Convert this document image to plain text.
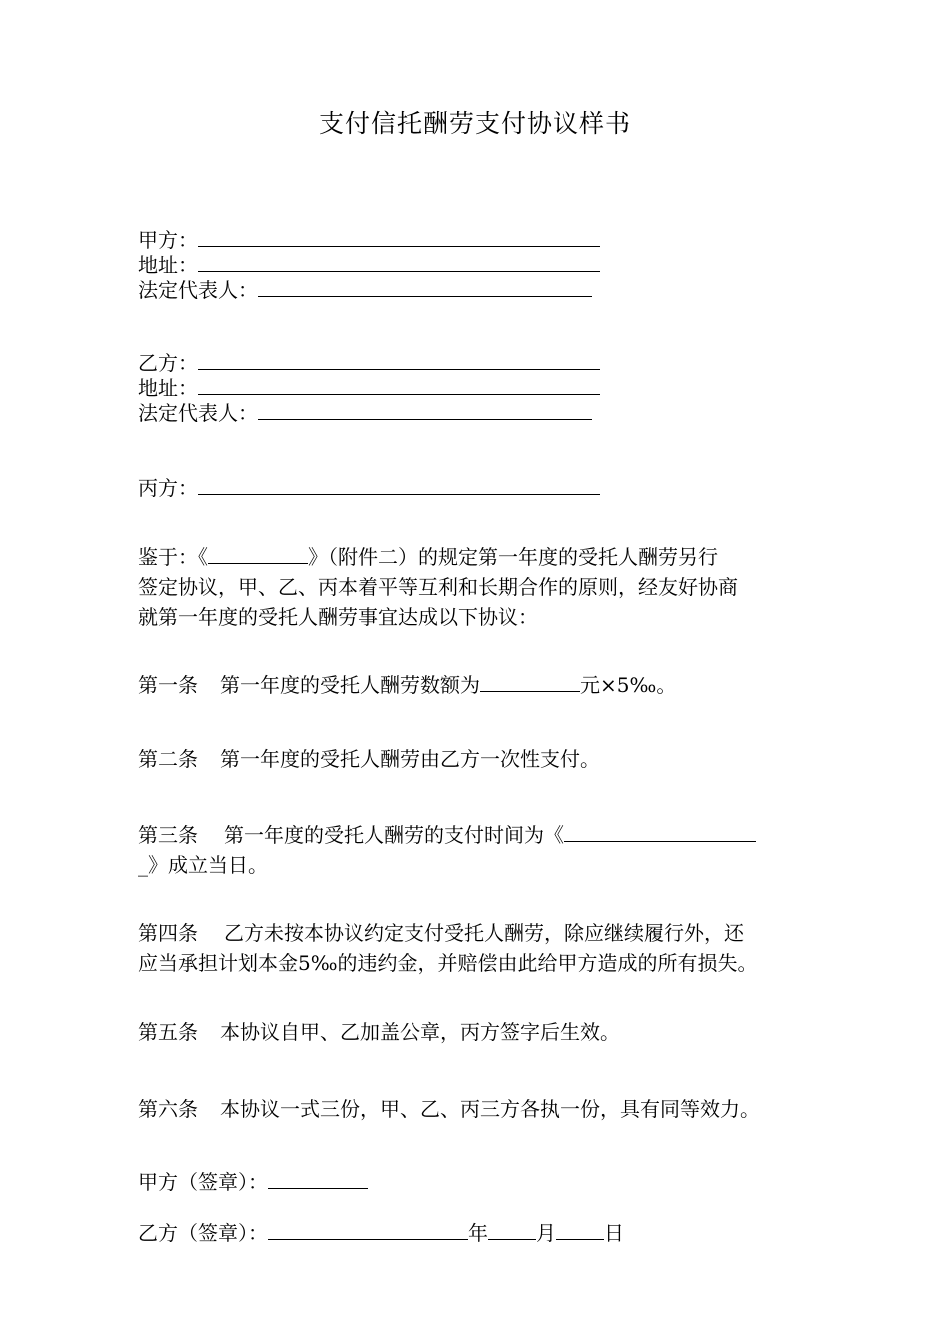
支付信托酬劳支付协议样书
甲方：
地址：
法定代表人：
乙方：
地址：
法定代表人：
丙方：
鉴于：《	》（附件二）的规定第一年度的受托人酬劳另行
签定协议，甲、乙、丙本着平等互利和长期合作的原则，经友好协商
就第一年度的受托人酬劳事宜达成以下协议：
第一条 第一年度的受托人酬劳数额为	元×5‰。
第二条 第一年度的受托人酬劳由乙方一次性支付。
第三条 第一年度的受托人酬劳的支付时间为《
_》成立当日。
第四条 乙方未按本协议约定支付受托人酬劳，除应继续履行外，还
应当承担计划本金5‰的违约金，并赔偿由此给甲方造成的所有损失。
第五条 本协议自甲、乙加盖公章，丙方签字后生效。
第六条 本协议一式三份，甲、乙、丙三方各执一份，具有同等效力。
甲方（签章）：
乙方（签章）：	年 月 日
